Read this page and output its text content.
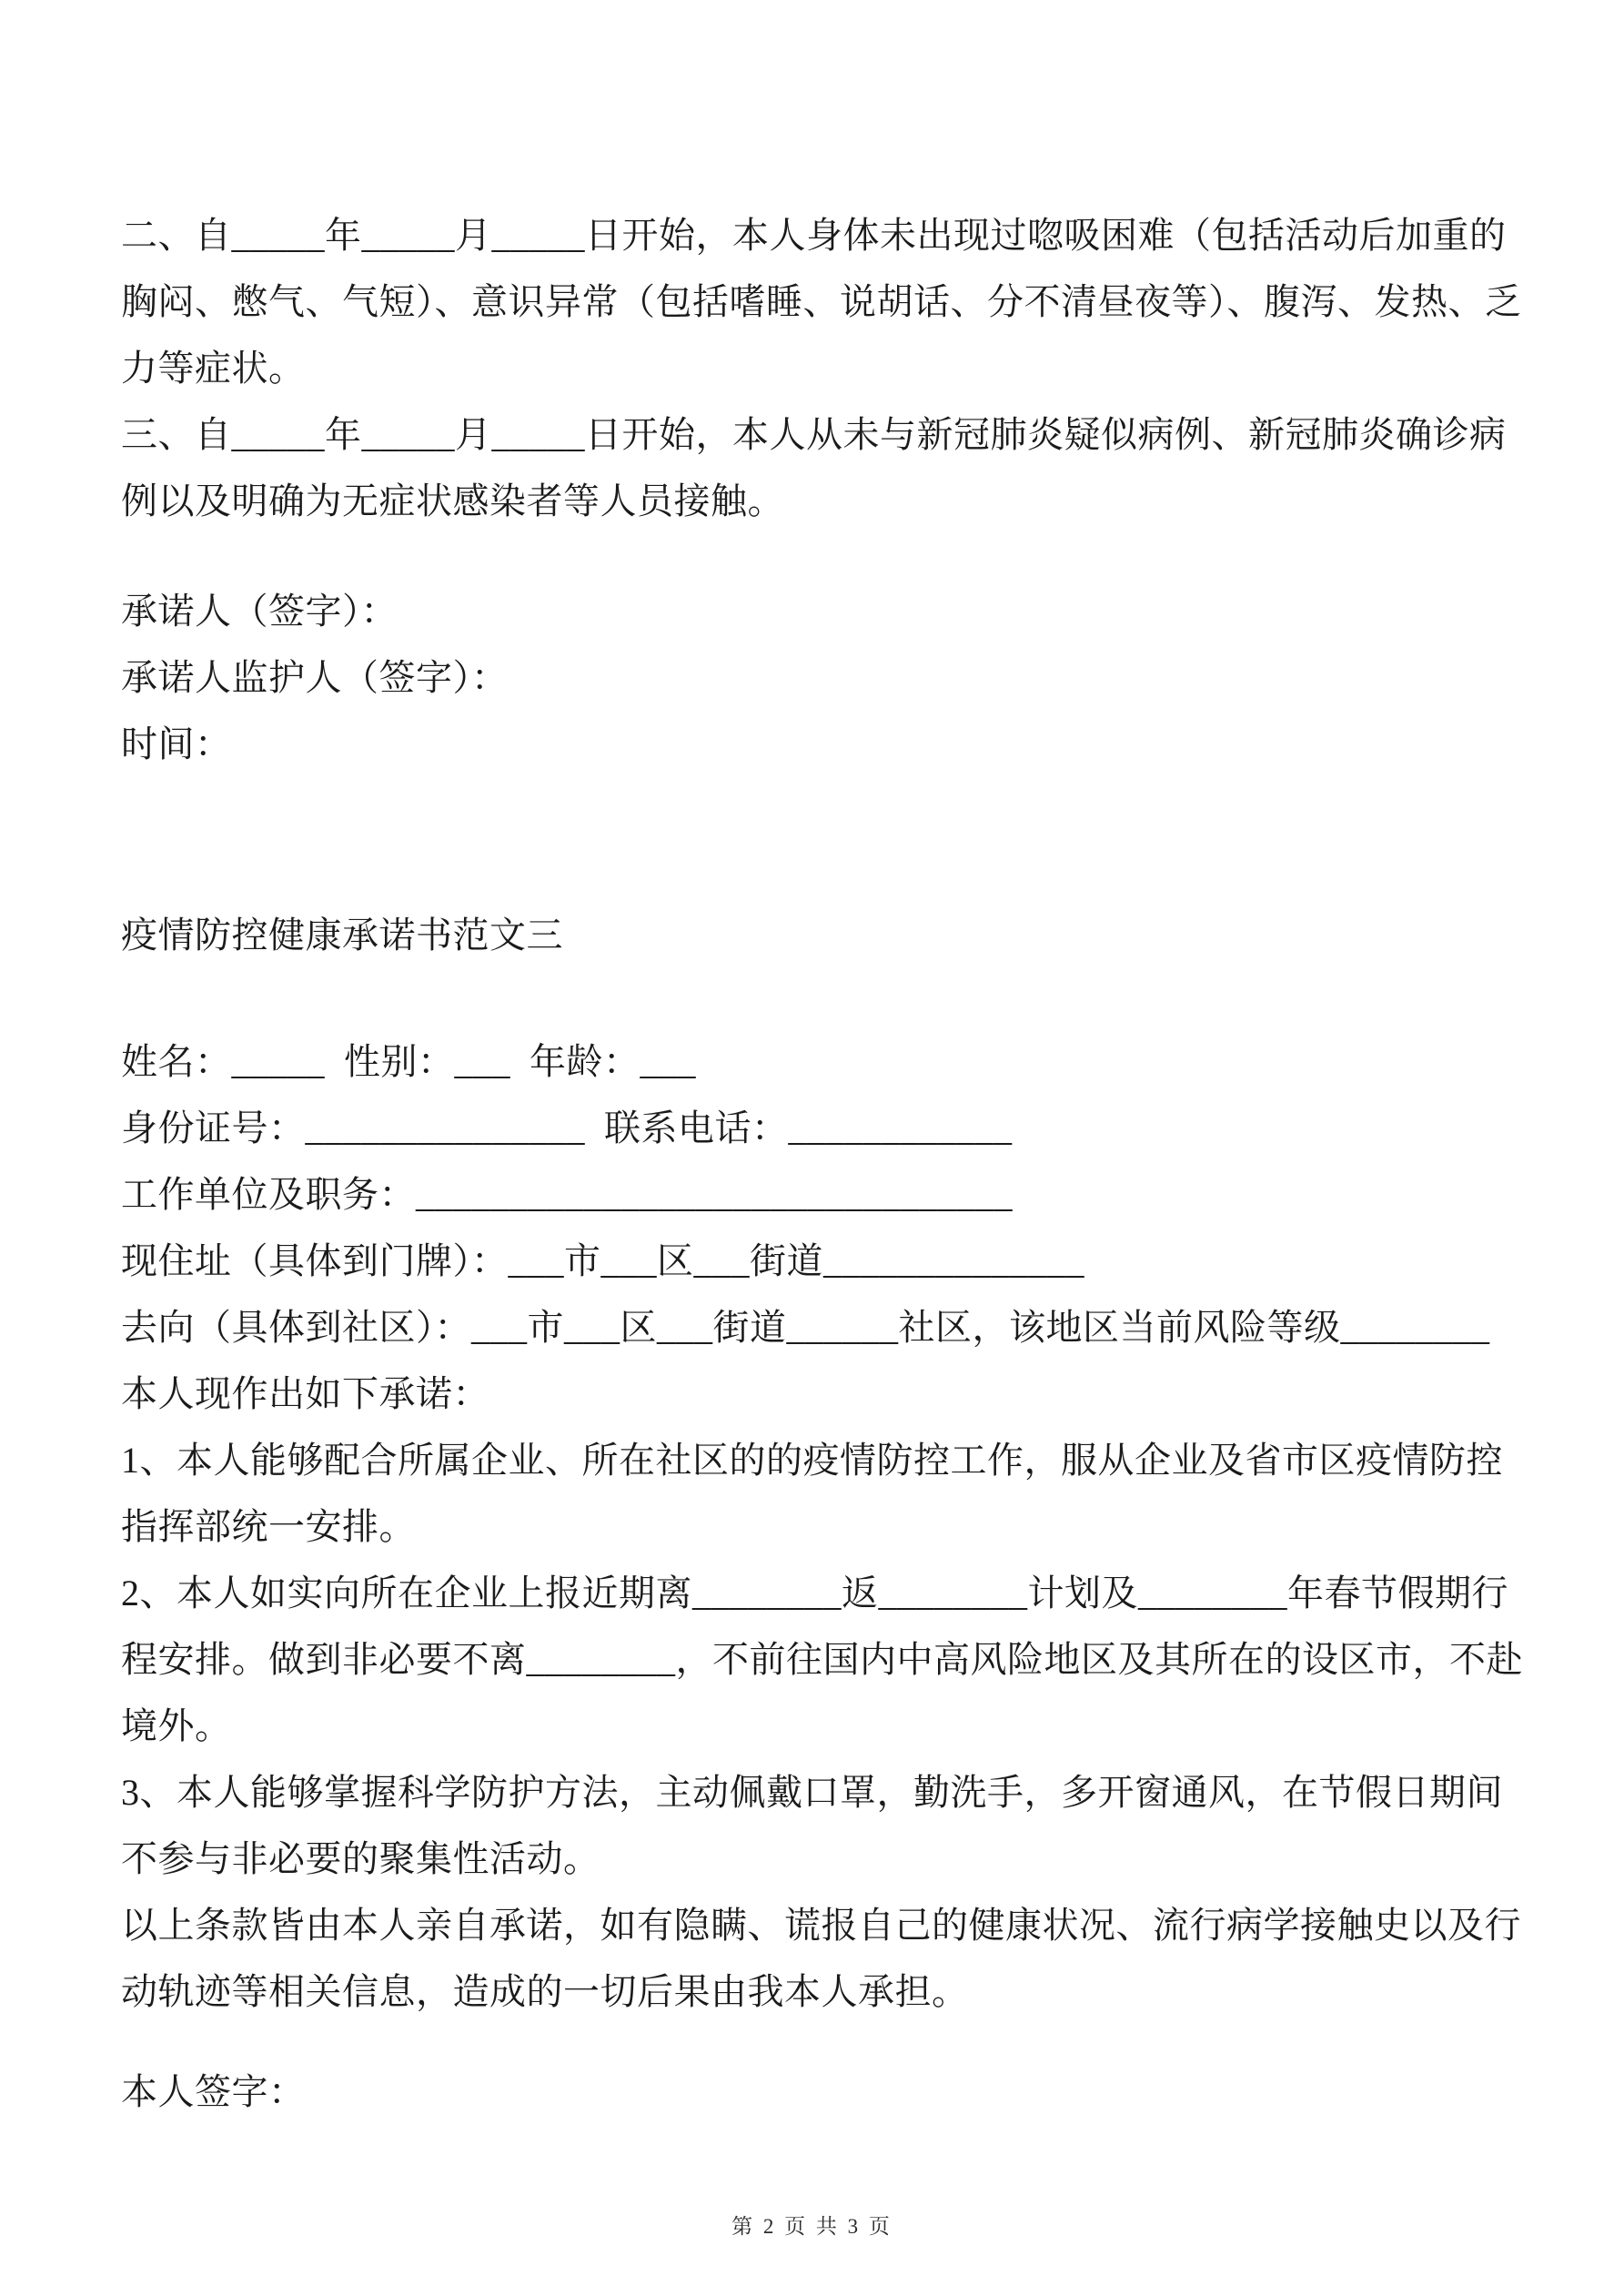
二、自_____年_____月_____日开始，本人身体未出现过唿吸困难（包括活动后加重的
胸闷、憋气、气短）、意识异常（包括嗜睡、说胡话、分不清昼夜等）、腹泻、发热、乏
力等症状。
三、自_____年_____月_____日开始，本人从未与新冠肺炎疑似病例、新冠肺炎确诊病
例以及明确为无症状感染者等人员接触。
承诺人（签字）：
承诺人监护人（签字）：
时间：
疫情防控健康承诺书范文三
姓名：_____  性别：___  年龄：___
身份证号：_______________  联系电话：____________
工作单位及职务：________________________________
现住址（具体到门牌）：___市___区___街道______________
去向（具体到社区）：___市___区___街道______社区，该地区当前风险等级________
本人现作出如下承诺：
1、本人能够配合所属企业、所在社区的的疫情防控工作，服从企业及省市区疫情防控
指挥部统一安排。
2、本人如实向所在企业上报近期离________返________计划及________年春节假期行
程安排。做到非必要不离________，不前往国内中高风险地区及其所在的设区市，不赴
境外。
3、本人能够掌握科学防护方法，主动佩戴口罩，勤洗手，多开窗通风，在节假日期间
不参与非必要的聚集性活动。
以上条款皆由本人亲自承诺，如有隐瞒、谎报自己的健康状况、流行病学接触史以及行
动轨迹等相关信息，造成的一切后果由我本人承担。
本人签字：
第 2 页 共 3 页
